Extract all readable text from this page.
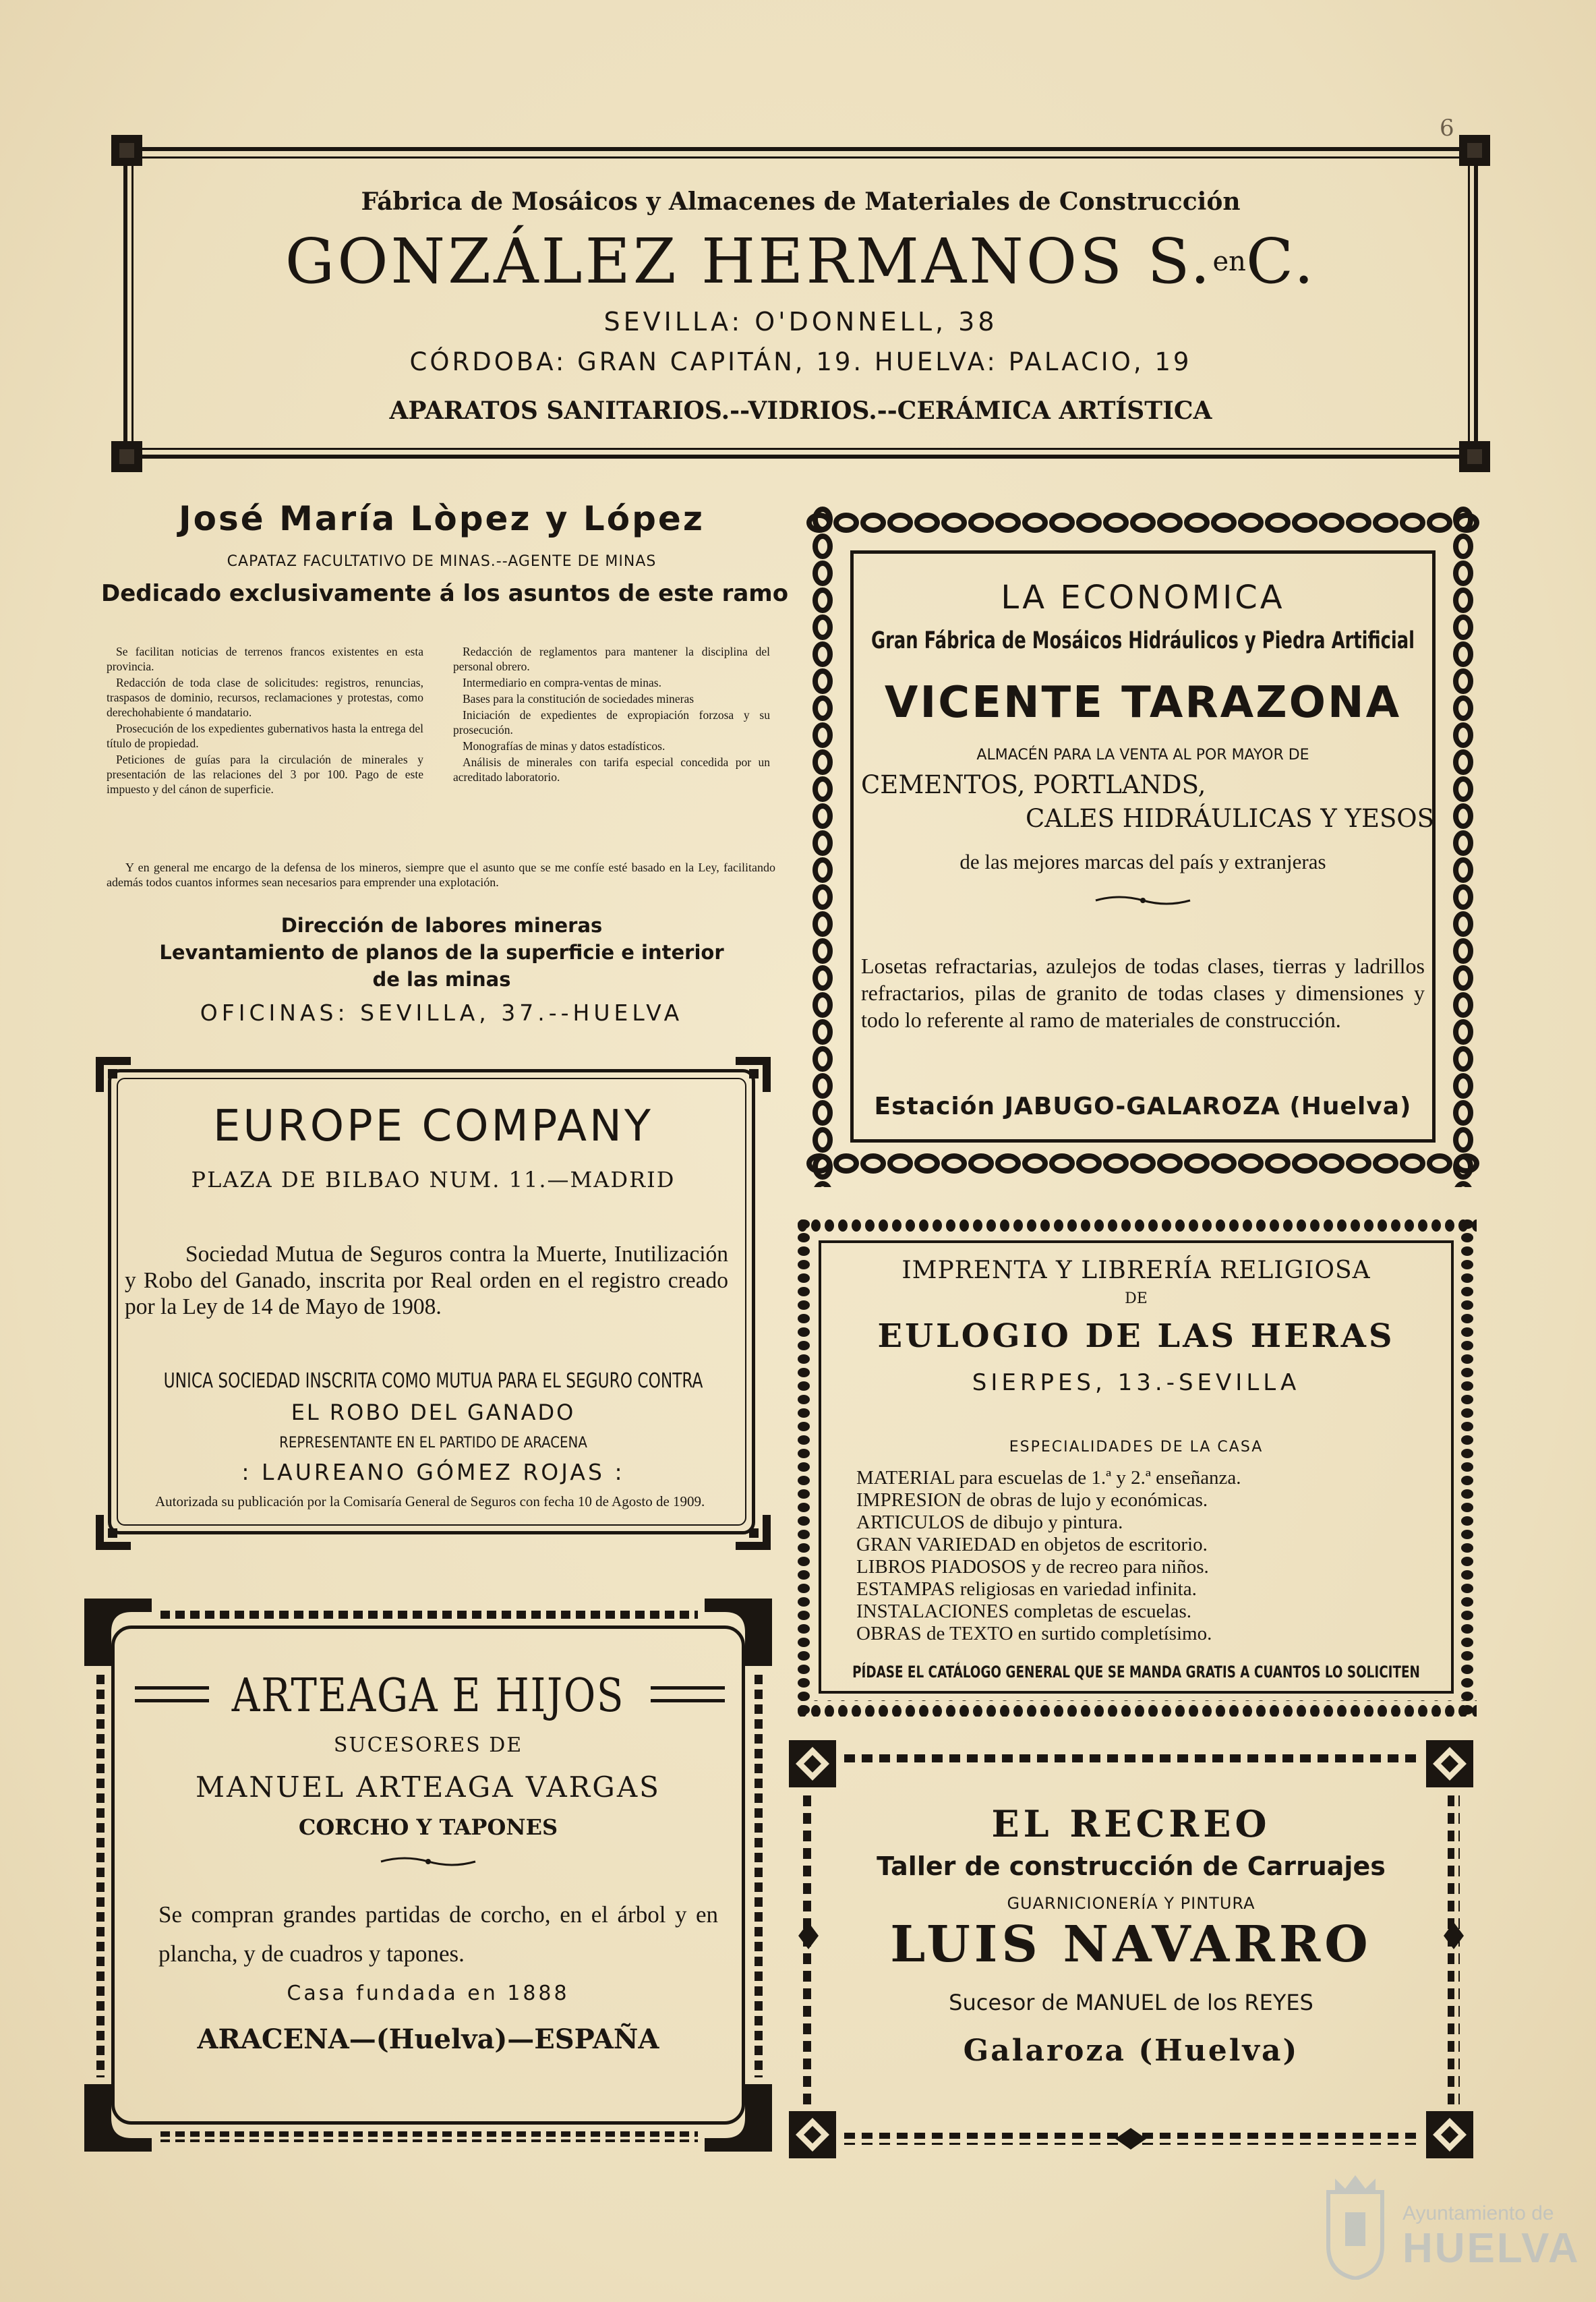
6
Fábrica de Mosáicos y Almacenes de Materiales de Construcción
GONZÁLEZ HERMANOS S.enC.
SEVILLA: O'DONNELL, 38
CÓRDOBA: GRAN CAPITÁN, 19. HUELVA: PALACIO, 19
APARATOS SANITARIOS.--VIDRIOS.--CERÁMICA ARTÍSTICA
José María Lòpez y López
CAPATAZ FACULTATIVO DE MINAS.--AGENTE DE MINAS
Dedicado exclusivamente á los asuntos de este ramo

Se facilitan noticias de terrenos francos existentes en esta provincia.

Redacción de toda clase de solicitudes: registros, renuncias, traspasos de dominio, recursos, reclamaciones y protestas, como derechohabiente ó mandatario.

Prosecución de los expedientes gubernativos hasta la entrega del título de propiedad.

Peticiones de guías para la circulación de minerales y presentación de las relaciones del 3 por 100. Pago de este impuesto y del cánon de superficie.

Redacción de reglamentos para mantener la disciplina del personal obrero.

Intermediario en compra-ventas de minas.

Bases para la constitución de sociedades mineras

Iniciación de expedientes de expropiación forzosa y su prosecución.

Monografías de minas y datos estadísticos.

Análisis de minerales con tarifa especial concedida por un acreditado laboratorio.

Y en general me encargo de la defensa de los mineros, siempre que el asunto que se me confíe esté basado en la Ley, facilitando además todos cuantos informes sean necesarios para emprender una explotación.
Dirección de labores mineras
Levantamiento de planos de la superficie e interior
de las minas
OFICINAS: SEVILLA, 37.--HUELVA
LA ECONOMICA
Gran Fábrica de Mosáicos Hidráulicos y Piedra Artificial
VICENTE TARAZONA
ALMACÉN PARA LA VENTA AL POR MAYOR DE
CEMENTOS, PORTLANDS,
CALES HIDRÁULICAS Y YESOS
de las mejores marcas del país y extranjeras
Losetas refractarias, azulejos de todas clases, tierras y ladrillos refractarios, pilas de granito de todas clases y dimensiones y todo lo referente al ramo de materiales de construcción.
Estación JABUGO-GALAROZA (Huelva)
EUROPE COMPANY
PLAZA DE BILBAO NUM. 11.—MADRID
Sociedad Mutua de Seguros contra la Muerte, Inutilización y Robo del Ganado, inscrita por Real orden en el registro creado por la Ley de 14 de Mayo de 1908.
UNICA SOCIEDAD INSCRITA COMO MUTUA PARA EL SEGURO CONTRA
EL ROBO DEL GANADO
REPRESENTANTE EN EL PARTIDO DE ARACENA
: LAUREANO GÓMEZ ROJAS :
Autorizada su publicación por la Comisaría General de Seguros con fecha 10 de Agosto de 1909.
IMPRENTA Y LIBRERÍA RELIGIOSA
DE
EULOGIO DE LAS HERAS
SIERPES, 13.-SEVILLA
ESPECIALIDADES DE LA CASA
MATERIAL para escuelas de 1.ª y 2.ª enseñanza.
IMPRESION de obras de lujo y económicas.
ARTICULOS de dibujo y pintura.
GRAN VARIEDAD en objetos de escritorio.
LIBROS PIADOSOS y de recreo para niños.
ESTAMPAS religiosas en variedad infinita.
INSTALACIONES completas de escuelas.
OBRAS de TEXTO en surtido completísimo.
PÍDASE EL CATÁLOGO GENERAL QUE SE MANDA GRATIS A CUANTOS LO SOLICITEN
ARTEAGA E HIJOS
SUCESORES DE
MANUEL ARTEAGA VARGAS
CORCHO Y TAPONES
Se compran grandes partidas de corcho, en el árbol y en plancha, y de cuadros y tapones.
Casa fundada en 1888
ARACENA—(Huelva)—ESPAÑA
EL RECREO
Taller de construcción de Carruajes
GUARNICIONERÍA Y PINTURA
LUIS NAVARRO
Sucesor de MANUEL de los REYES
Galaroza (Huelva)
Ayuntamiento de
HUELVA
